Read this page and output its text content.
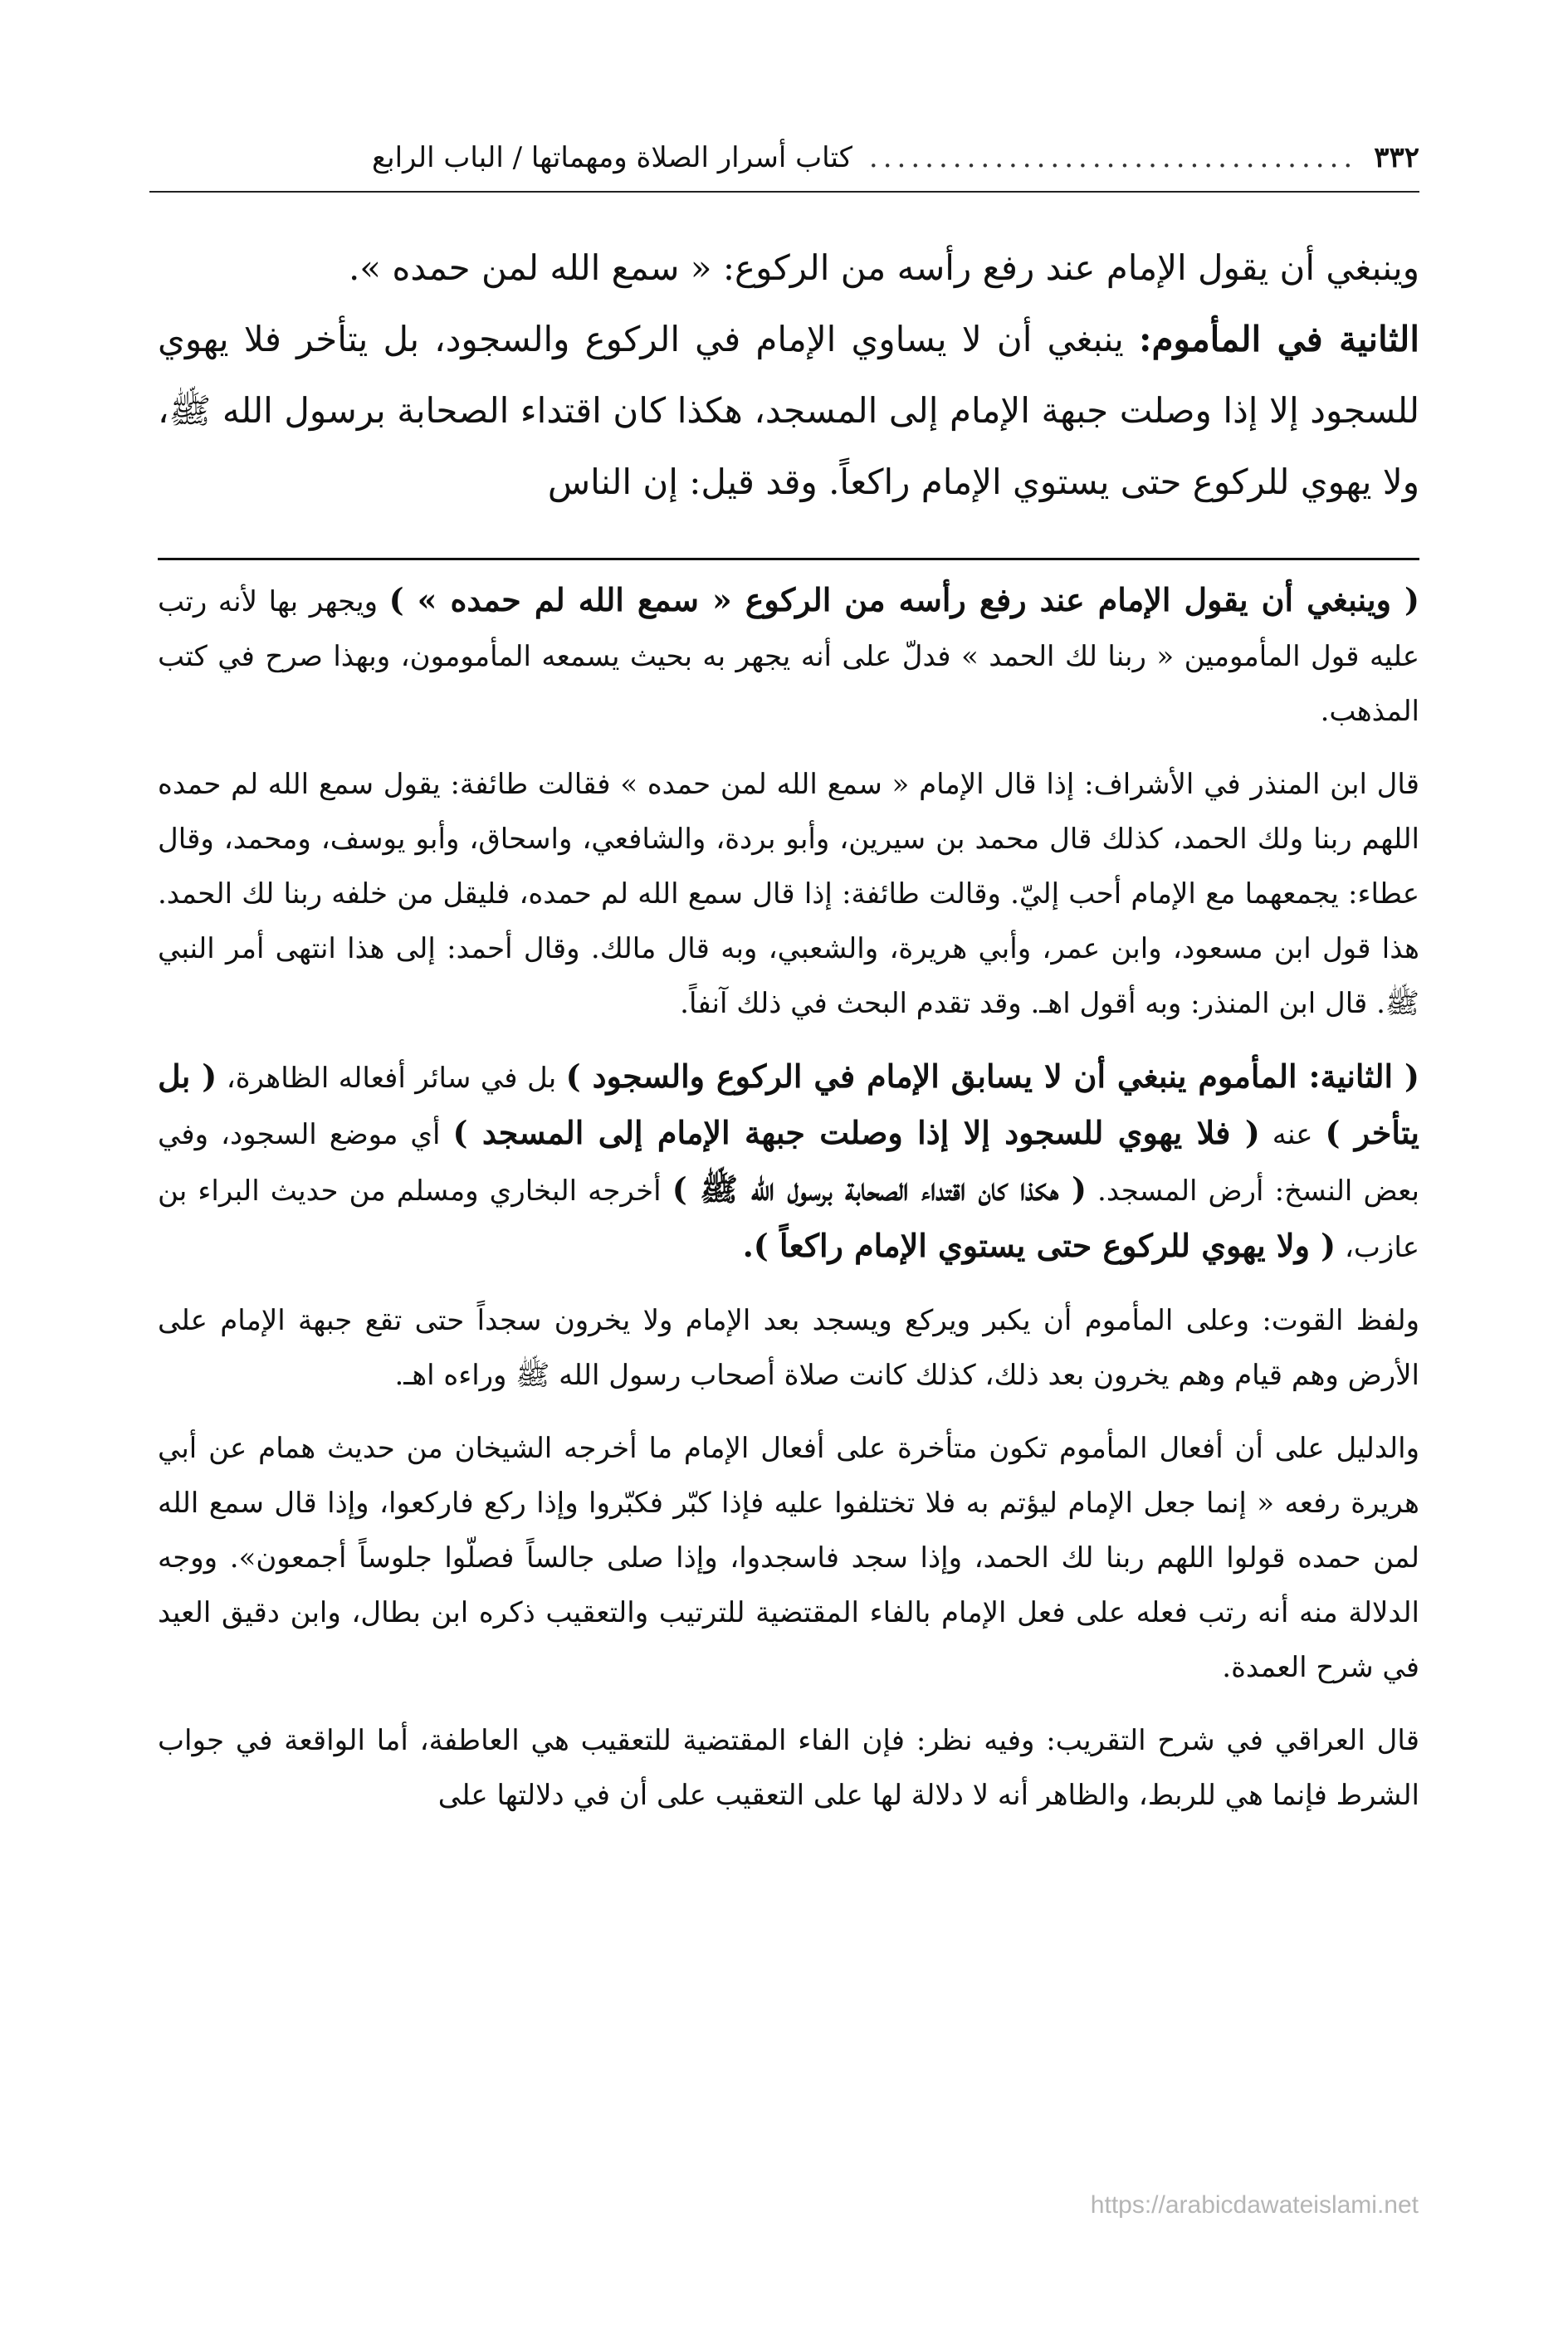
٣٣٢
...................................
كتاب أسرار الصلاة ومهماتها / الباب الرابع

وينبغي أن يقول الإمام عند رفع رأسه من الركوع: « سمع الله لمن حمده ».

الثانية في المأموم: ينبغي أن لا يساوي الإمام في الركوع والسجود، بل يتأخر فلا يهوي للسجود إلا إذا وصلت جبهة الإمام إلى المسجد، هكذا كان اقتداء الصحابة برسول الله ﷺ، ولا يهوي للركوع حتى يستوي الإمام راكعاً. وقد قيل: إن الناس

( وينبغي أن يقول الإمام عند رفع رأسه من الركوع « سمع الله لم حمده » ) ويجهر بها لأنه رتب عليه قول المأمومين « ربنا لك الحمد » فدلّ على أنه يجهر به بحيث يسمعه المأمومون، وبهذا صرح في كتب المذهب.

قال ابن المنذر في الأشراف: إذا قال الإمام « سمع الله لمن حمده » فقالت طائفة: يقول سمع الله لم حمده اللهم ربنا ولك الحمد، كذلك قال محمد بن سيرين، وأبو بردة، والشافعي، واسحاق، وأبو يوسف، ومحمد، وقال عطاء: يجمعهما مع الإمام أحب إليّ. وقالت طائفة: إذا قال سمع الله لم حمده، فليقل من خلفه ربنا لك الحمد. هذا قول ابن مسعود، وابن عمر، وأبي هريرة، والشعبي، وبه قال مالك. وقال أحمد: إلى هذا انتهى أمر النبي ﷺ. قال ابن المنذر: وبه أقول اهـ. وقد تقدم البحث في ذلك آنفاً.

( الثانية: المأموم ينبغي أن لا يسابق الإمام في الركوع والسجود ) بل في سائر أفعاله الظاهرة، ( بل يتأخر ) عنه ( فلا يهوي للسجود إلا إذا وصلت جبهة الإمام إلى المسجد ) أي موضع السجود، وفي بعض النسخ: أرض المسجد. ( هكذا كان اقتداء الصحابة برسول الله ﷺ ) أخرجه البخاري ومسلم من حديث البراء بن عازب، ( ولا يهوي للركوع حتى يستوي الإمام راكعاً ).

ولفظ القوت: وعلى المأموم أن يكبر ويركع ويسجد بعد الإمام ولا يخرون سجداً حتى تقع جبهة الإمام على الأرض وهم قيام وهم يخرون بعد ذلك، كذلك كانت صلاة أصحاب رسول الله ﷺ وراءه اهـ.

والدليل على أن أفعال المأموم تكون متأخرة على أفعال الإمام ما أخرجه الشيخان من حديث همام عن أبي هريرة رفعه « إنما جعل الإمام ليؤتم به فلا تختلفوا عليه فإذا كبّر فكبّروا وإذا ركع فاركعوا، وإذا قال سمع الله لمن حمده قولوا اللهم ربنا لك الحمد، وإذا سجد فاسجدوا، وإذا صلى جالساً فصلّوا جلوساً أجمعون». ووجه الدلالة منه أنه رتب فعله على فعل الإمام بالفاء المقتضية للترتيب والتعقيب ذكره ابن بطال، وابن دقيق العيد في شرح العمدة.

قال العراقي في شرح التقريب: وفيه نظر: فإن الفاء المقتضية للتعقيب هي العاطفة، أما الواقعة في جواب الشرط فإنما هي للربط، والظاهر أنه لا دلالة لها على التعقيب على أن في دلالتها على

https://arabicdawateislami.net
